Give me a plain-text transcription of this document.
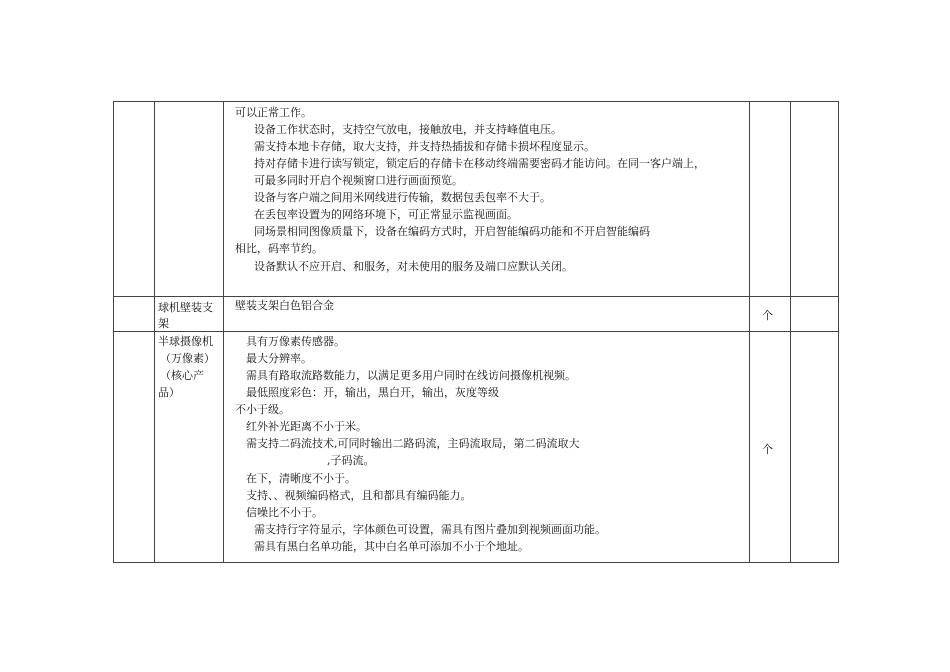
可以正常工作。
设备工作状态时，支持空气放电，接触放电，并支持峰值电压。
需支持本地卡存储，取大支持，并支持热插拔和存储卡损坏程度显示。
持对存储卡进行读写锁定，锁定后的存储卡在移动终端需要密码才能访问。在同一客户端上，
可最多同时开启个视频窗口进行画面预览。
设备与客户端之间用米网线进行传输，数据包丢包率不大于。
在丢包率设置为的网络环境下，可正常显示监视画面。
同场景相同图像质量下，设备在编码方式时，开启智能编码功能和不开启智能编码
相比，码率节约。
设备默认不应开启、和服务，对未使用的服务及端口应默认关闭。
球机壁装支
架
壁装支架白色铝合金
个
半球摄像机
（万像素）
（核心产
品）
具有万像素传感器。
最大分辨率。
需具有路取流路数能力，以满足更多用户同时在线访问摄像机视频。
最低照度彩色：开，输出，黑白开，输出，灰度等级
不小于级。
红外补光距离不小于米。
需支持二码流技术,可同时输出二路码流，主码流取局，第二码流取大
,子码流。
在下，清晰度不小于。
支持、、视频编码格式，且和都具有编码能力。
信噪比不小于。
需支持行字符显示，字体颜色可设置，需具有图片叠加到视频画面功能。
需具有黑白名单功能，其中白名单可添加不小于个地址。
个
